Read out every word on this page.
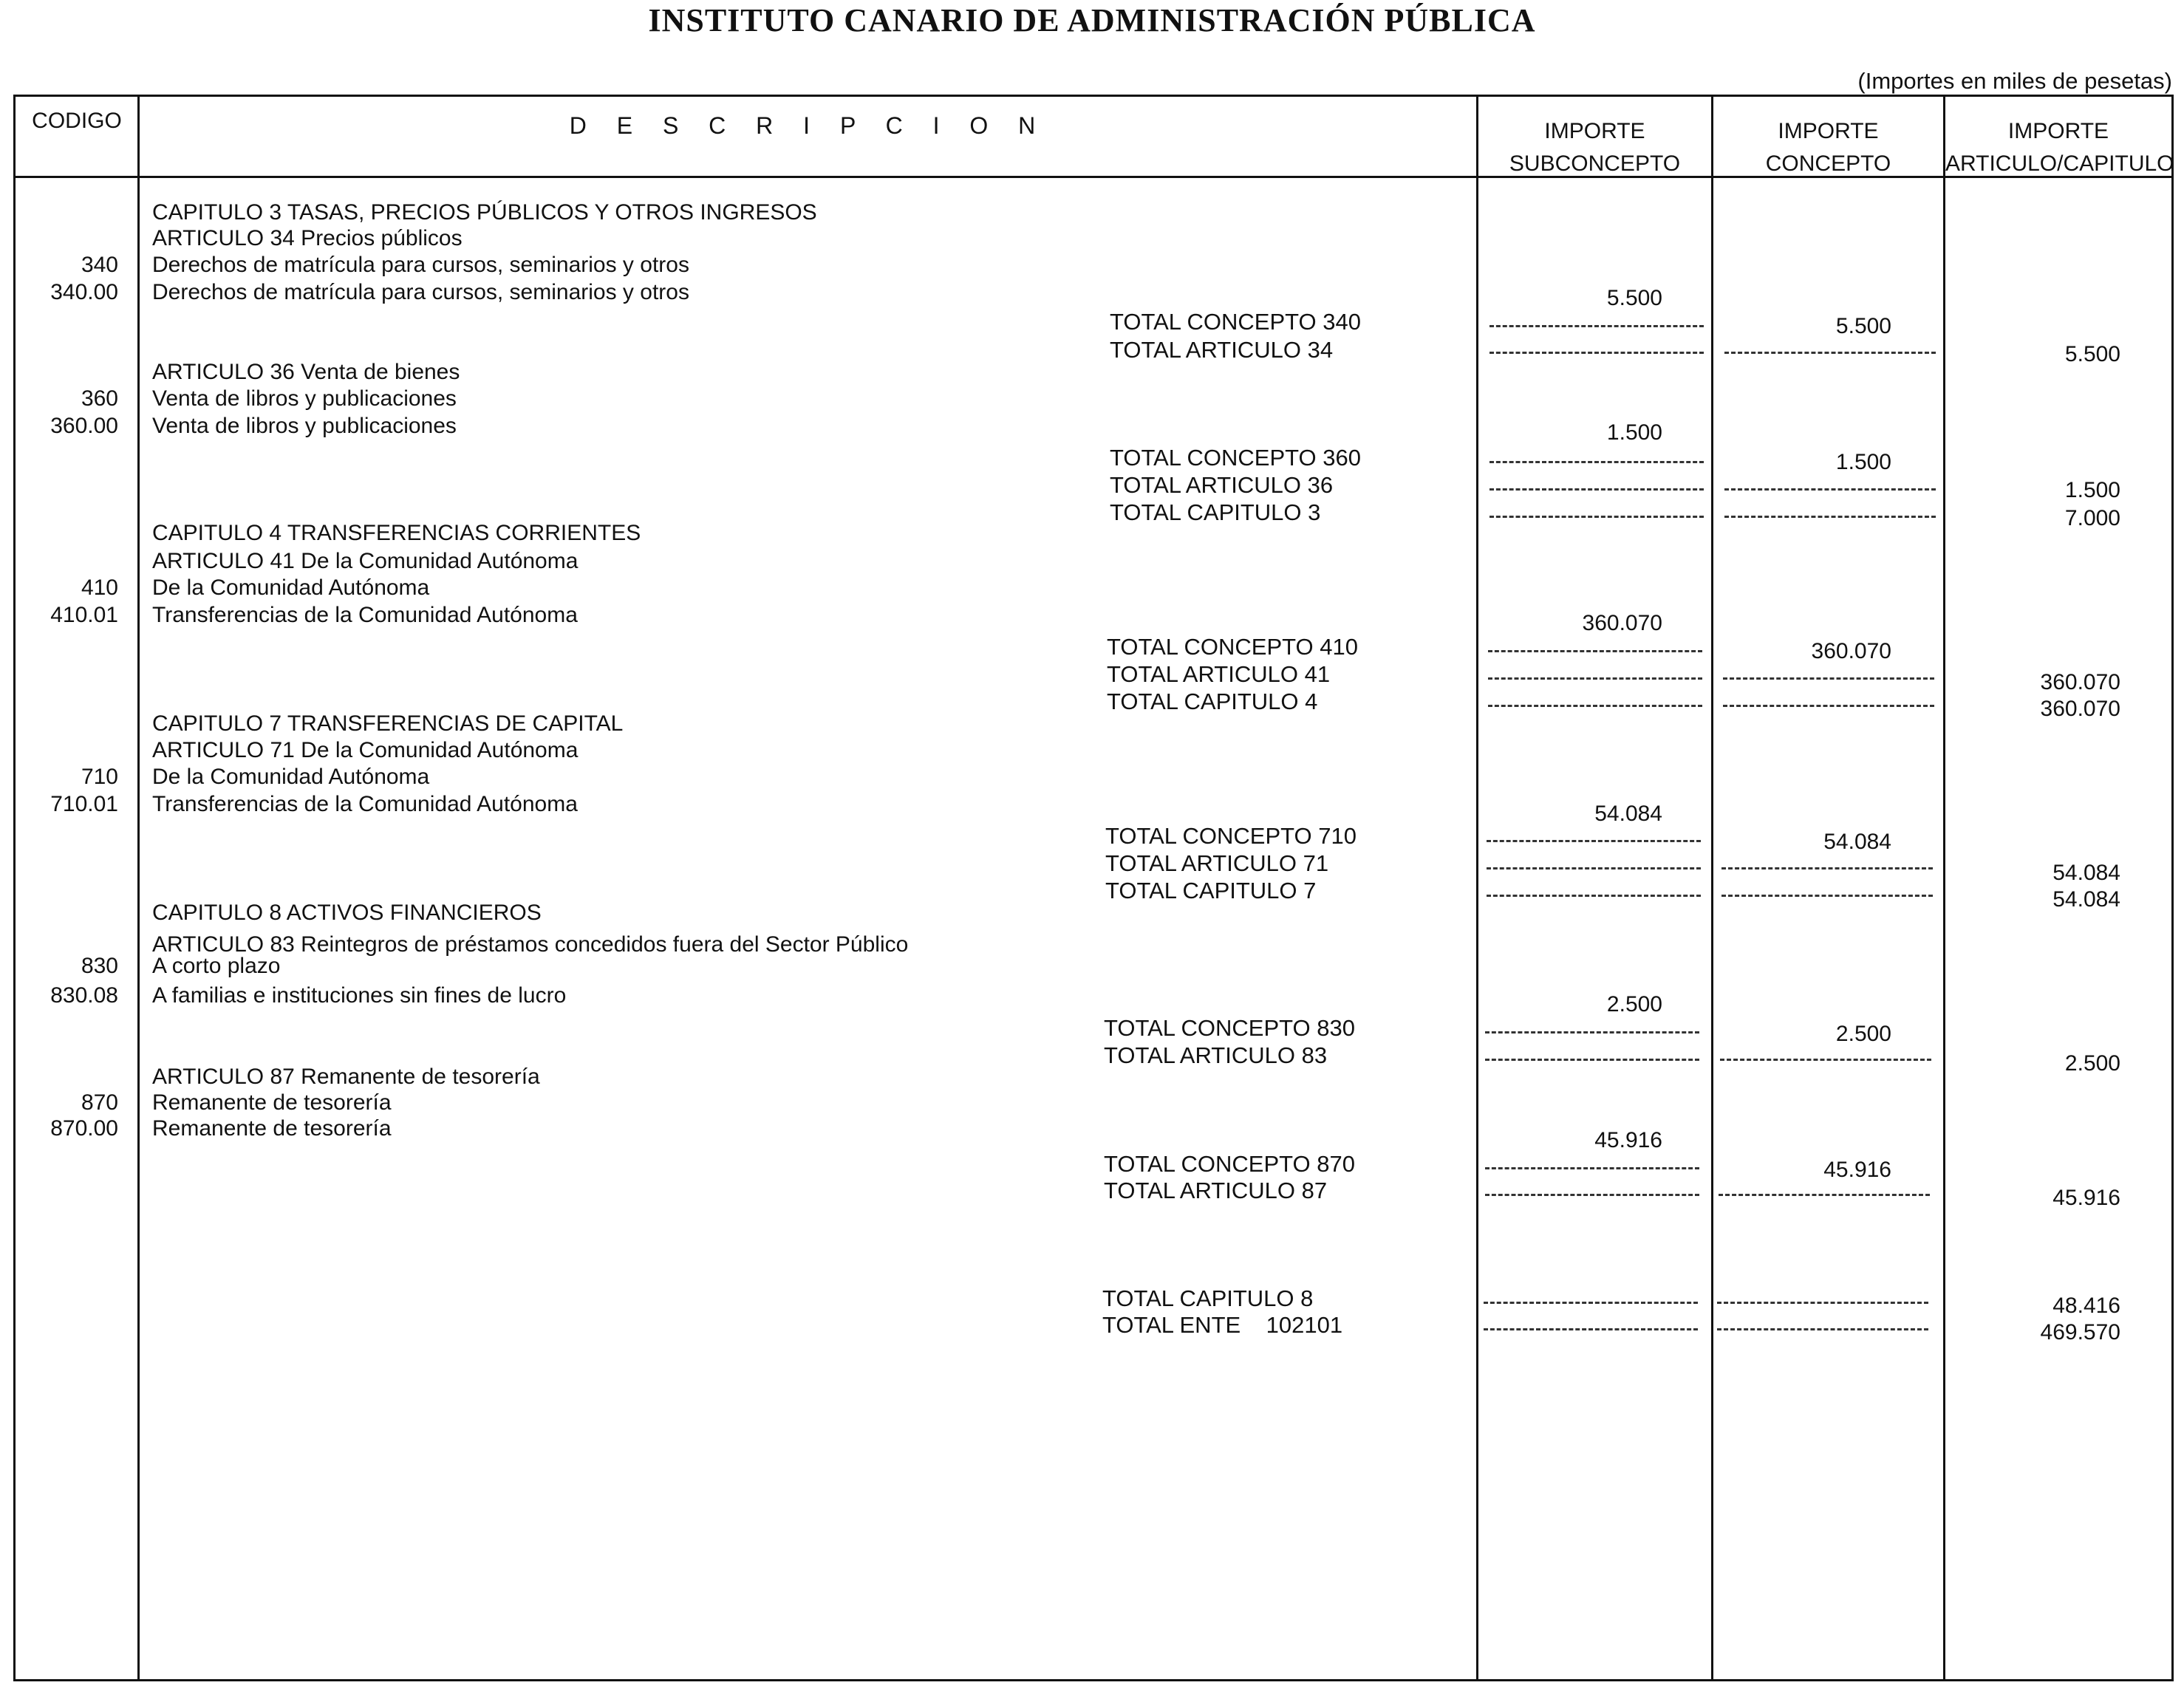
INSTITUTO CANARIO DE ADMINISTRACIÓN PÚBLICA
(Importes en miles de pesetas)
CODIGO	D E S C R I P C I O N	IMPORTE
SUBCONCEPTO
IMPORTE
CONCEPTO
IMPORTE
ARTICULO/CAPITULO
CAPITULO 3 TASAS, PRECIOS PÚBLICOS Y OTROS INGRESOS
ARTICULO 34 Precios públicos
340 Derechos de matrícula para cursos, seminarios y otros
340.00 Derechos de matrícula para cursos, seminarios y otros
ARTICULO 36 Venta de bienes
360 Venta de libros y publicaciones
360.00 Venta de libros y publicaciones
CAPITULO 4 TRANSFERENCIAS CORRIENTES
ARTICULO 41 De la Comunidad Autónoma
410 De la Comunidad Autónoma
410.01 Transferencias de la Comunidad Autónoma
CAPITULO 7 TRANSFERENCIAS DE CAPITAL
ARTICULO 71 De la Comunidad Autónoma
710 De la Comunidad Autónoma
710.01 Transferencias de la Comunidad Autónoma
CAPITULO 8 ACTIVOS FINANCIEROS
ARTICULO 83 Reintegros de préstamos concedidos fuera del Sector Público
830 A corto plazo
830.08 A familias e instituciones sin fines de lucro
ARTICULO 87 Remanente de tesorería
870 Remanente de tesorería
870.00 Remanente de tesorería
5.500
1.500
360.070
54.084
2.500
45.916
TOTAL CONCEPTO 340
TOTAL ARTICULO 34
TOTAL CONCEPTO 360
TOTAL ARTICULO 36
TOTAL CAPITULO 3
TOTAL CONCEPTO 410
TOTAL ARTICULO 41
TOTAL CAPITULO 4
TOTAL CONCEPTO 710
TOTAL ARTICULO 71
TOTAL CAPITULO 7
TOTAL CONCEPTO 830
TOTAL ARTICULO 83
TOTAL CONCEPTO 870
TOTAL ARTICULO 87
TOTAL CAPITULO 8
TOTAL ENTE    102101
5.500
1.500
360.070
54.084
2.500
45.916
5.500
1.500
7.000
360.070
360.070
54.084
54.084
2.500
45.916
48.416
469.570
